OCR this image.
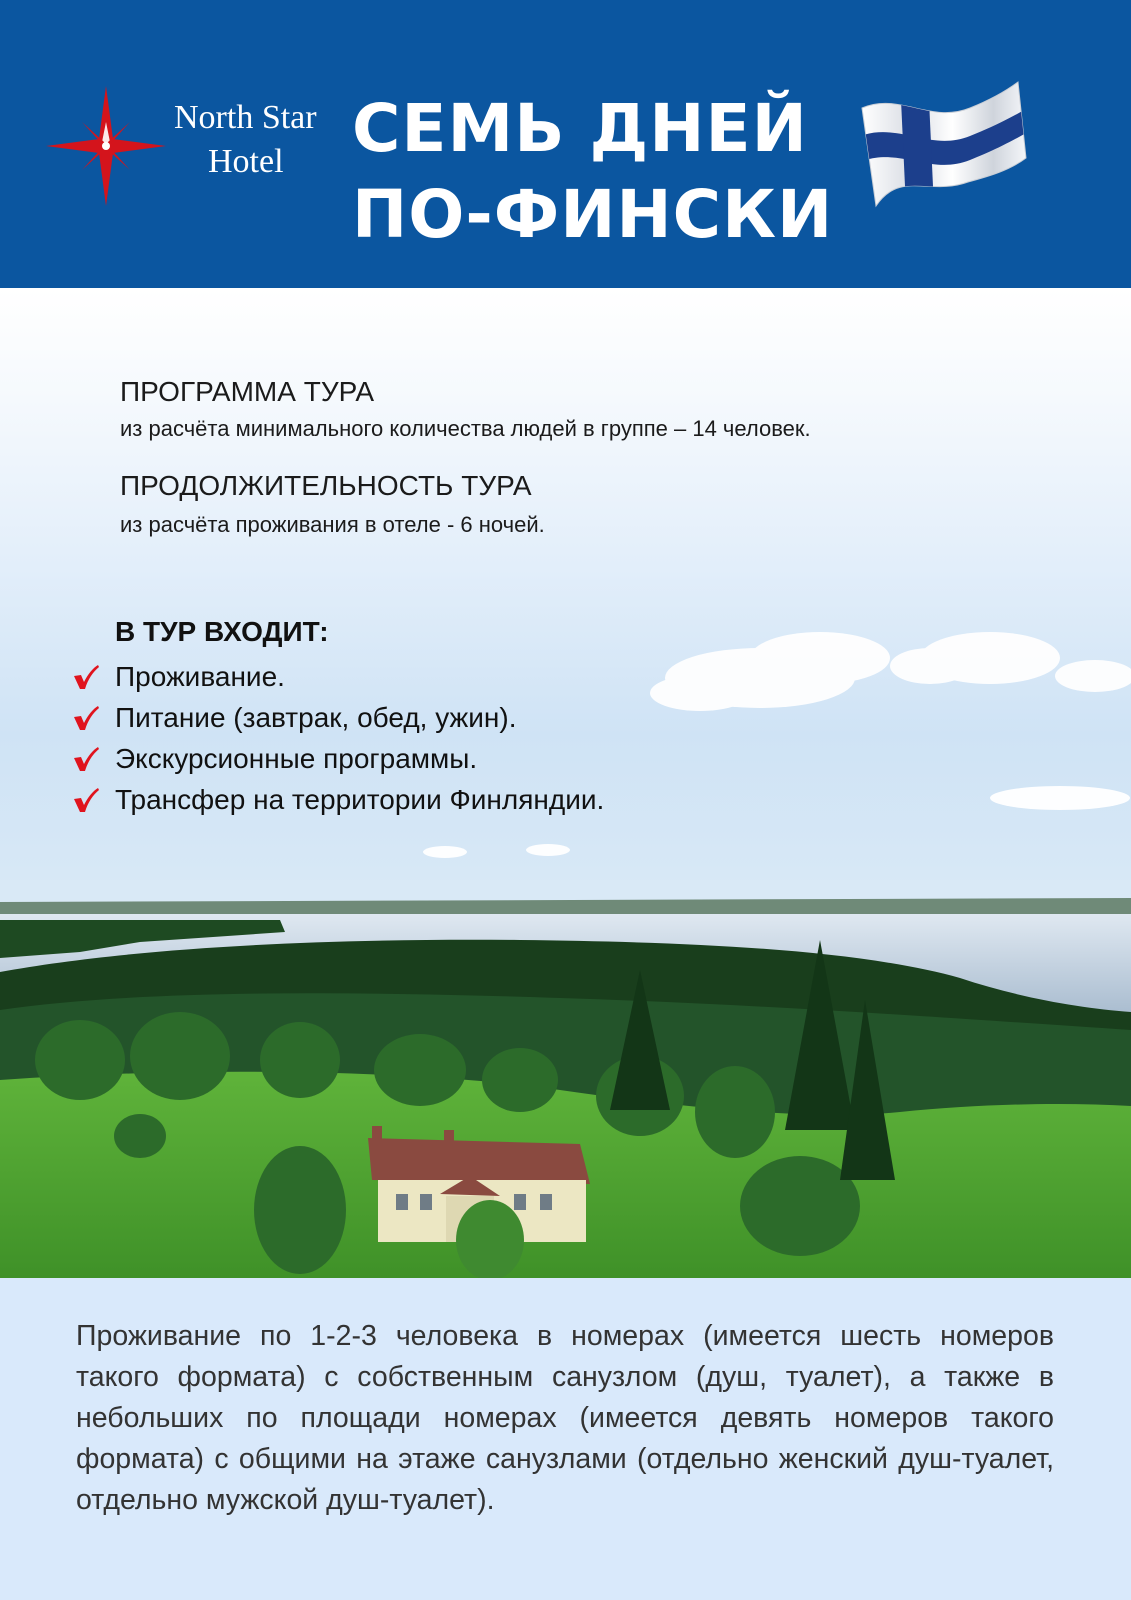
North Star
Hotel	СЕМЬ ДНЕЙ
ПО-ФИНСКИ
ПРОГРАММА ТУРА
из расчёта минимального количества людей в группе – 14 человек.
ПРОДОЛЖИТЕЛЬНОСТЬ ТУРА
из расчёта проживания в отеле - 6 ночей.
В ТУР ВХОДИТ:
Проживание.
Питание (завтрак, обед, ужин).
Экскурсионные программы.
Трансфер на территории Финляндии.
Проживание по 1-2-3 человека в номерах (имеется шесть номеров такого формата) с собственным санузлом (душ, туалет), а также в небольших по площади номерах (имеется девять номеров такого формата) с общими на этаже санузлами (отдельно женский душ-туалет, отдельно мужской душ-туалет).
